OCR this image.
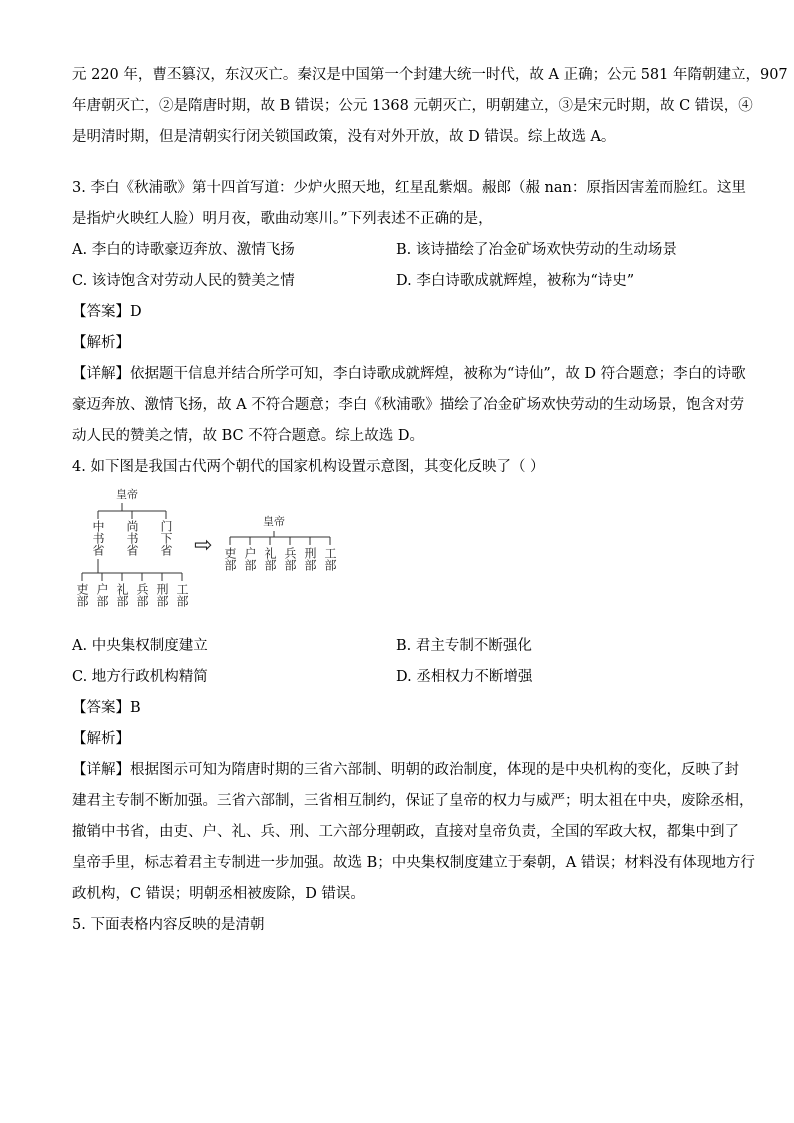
元 220 年，曹丕篡汉，东汉灭亡。秦汉是中国第一个封建大统一时代，故 A 正确；公元 581 年隋朝建立，907
年唐朝灭亡，②是隋唐时期，故 B 错误；公元 1368 元朝灭亡，明朝建立，③是宋元时期，故 C 错误，④
是明清时期，但是清朝实行闭关锁国政策，没有对外开放，故 D 错误。综上故选 A。
3. 李白《秋浦歌》第十四首写道：少炉火照天地，红星乱紫烟。赧郎（赧 nan：原指因害羞而脸红。这里
是指炉火映红人脸）明月夜，歌曲动寒川。”下列表述不正确的是，
A. 李白的诗歌豪迈奔放、激情飞扬	B. 该诗描绘了冶金矿场欢快劳动的生动场景
C. 该诗饱含对劳动人民的赞美之情	D. 李白诗歌成就辉煌，被称为“诗史”
【答案】D
【解析】
【详解】依据题干信息并结合所学可知，李白诗歌成就辉煌，被称为“诗仙”，故 D 符合题意；李白的诗歌
豪迈奔放、激情飞扬，故 A 不符合题意；李白《秋浦歌》描绘了冶金矿场欢快劳动的生动场景，饱含对劳
动人民的赞美之情，故 BC 不符合题意。综上故选 D。
4. 如下图是我国古代两个朝代的国家机构设置示意图，其变化反映了（ ）
皇帝
中书省 尚书省 门下省
吏部 户部 礼部 兵部 刑部 工部
⇨
皇帝
吏部 户部 礼部 兵部 刑部 工部
A. 中央集权制度建立	B. 君主专制不断强化
C. 地方行政机构精简	D. 丞相权力不断增强
【答案】B
【解析】
【详解】根据图示可知为隋唐时期的三省六部制、明朝的政治制度，体现的是中央机构的变化，反映了封
建君主专制不断加强。三省六部制，三省相互制约，保证了皇帝的权力与威严；明太祖在中央，废除丞相，
撤销中书省，由吏、户、礼、兵、刑、工六部分理朝政，直接对皇帝负责，全国的军政大权，都集中到了
皇帝手里，标志着君主专制进一步加强。故选 B；中央集权制度建立于秦朝，A 错误；材料没有体现地方行
政机构，C 错误；明朝丞相被废除，D 错误。
5. 下面表格内容反映的是清朝
